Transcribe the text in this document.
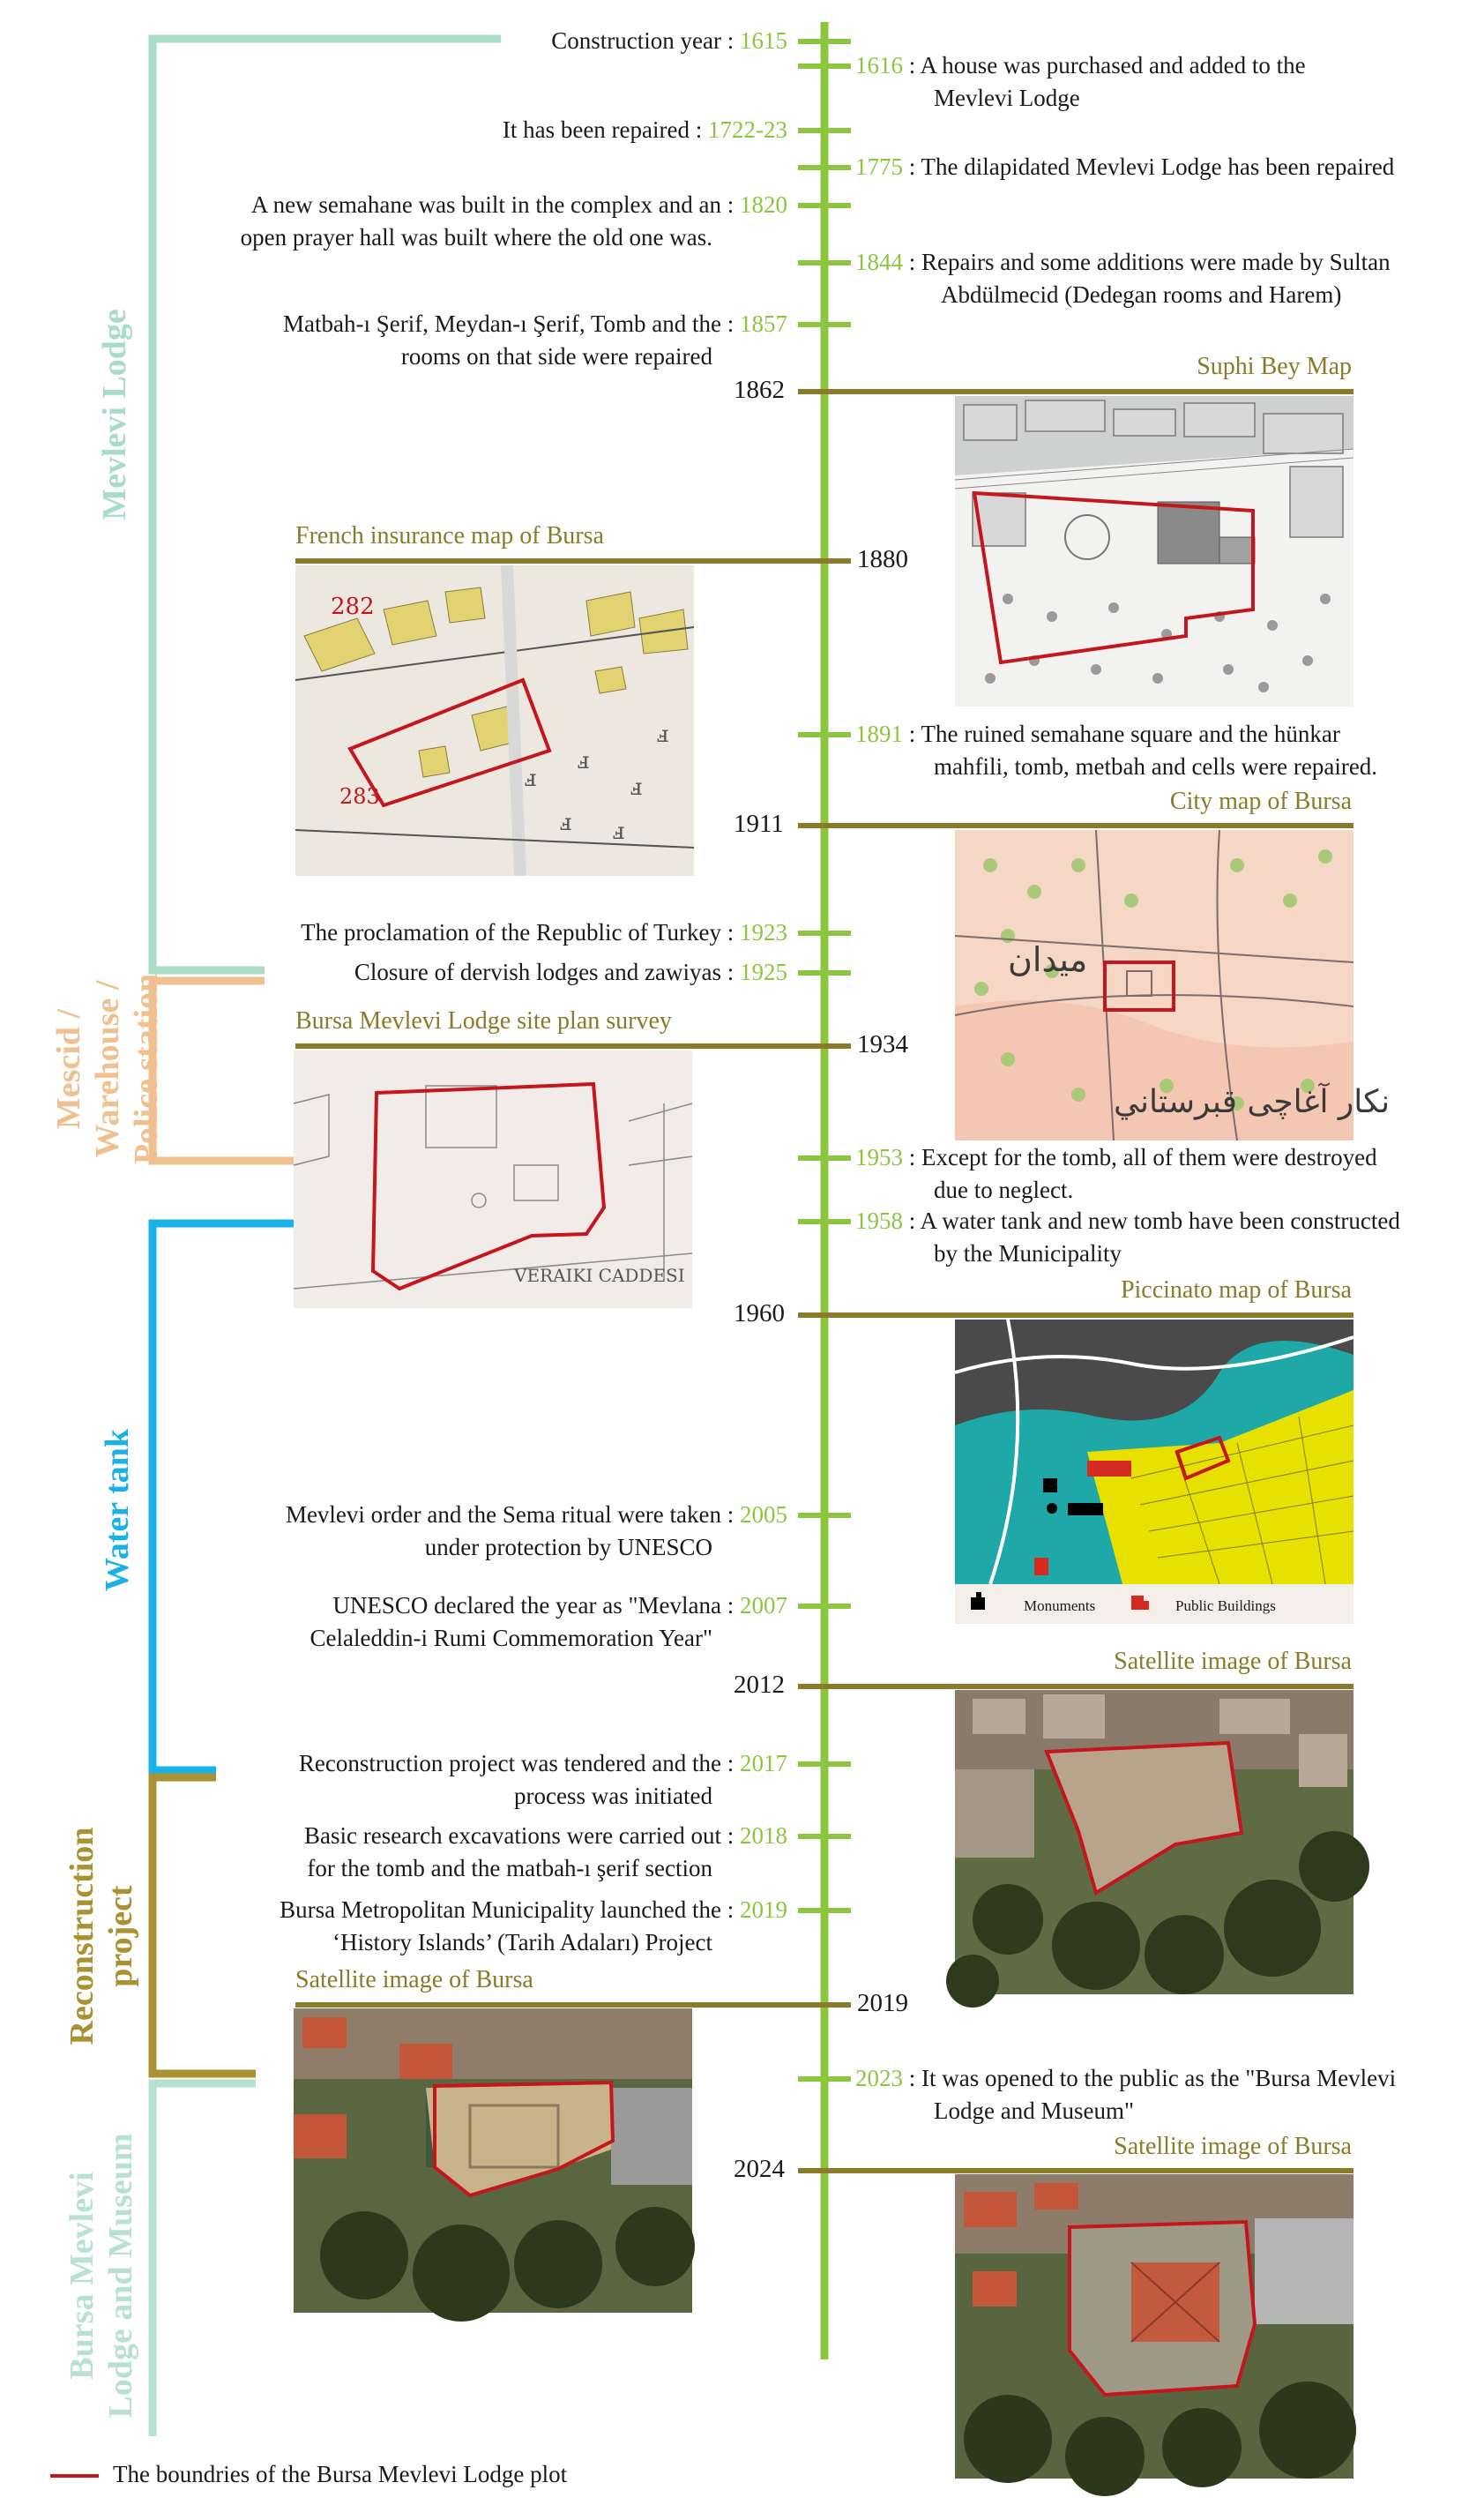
Mevlevi Lodge
Mescid / Warehouse / Police station
Water tank
Reconstruction project
Bursa Mevlevi Lodge and Museum
Construction year : 1615
It has been repaired : 1722-23
A new semahane was built in the complex and an : 1820
open prayer hall was built where the old one was.
Matbah-ı Şerif, Meydan-ı Şerif, Tomb and the : 1857
rooms on that side were repaired
The proclamation of the Republic of Turkey : 1923
Closure of dervish lodges and zawiyas : 1925
Mevlevi order and the Sema ritual were taken : 2005
under protection by UNESCO
UNESCO declared the year as "Mevlana : 2007
Celaleddin-i Rumi Commemoration Year"
Reconstruction project was tendered and the : 2017
process was initiated
Basic research excavations were carried out : 2018
for the tomb and the matbah-ı şerif section
Bursa Metropolitan Municipality launched the : 2019
‘History Islands’ (Tarih Adaları) Project
1616 : A house was purchased and added to the
Mevlevi Lodge
1775 : The dilapidated Mevlevi Lodge has been repaired
1844 : Repairs and some additions were made by Sultan
Abdülmecid (Dedegan rooms and Harem)
1891 : The ruined semahane square and the hünkar
mahfili, tomb, metbah and cells were repaired.
1953 : Except for the tomb, all of them were destroyed
due to neglect.
1958 : A water tank and new tomb have been constructed
by the Municipality
2023 : It was opened to the public as the "Bursa Mevlevi
Lodge and Museum"
1862
1880
1911
1934
1960
2012
2019
2024
Suphi Bey Map
French insurance map of Bursa
City map of Bursa
Bursa Mevlevi Lodge site plan survey
Piccinato map of Bursa
Satellite image of Bursa
Satellite image of Bursa
Satellite image of Bursa
ⅎ
ⅎ
ⅎ
ⅎ ⅎ
ⅎ
282
283
ميدان
نکار آغاچی قبرستاني
VERAIKI CADDESI
Monuments	Public Buildings
The boundries of the Bursa Mevlevi Lodge plot
